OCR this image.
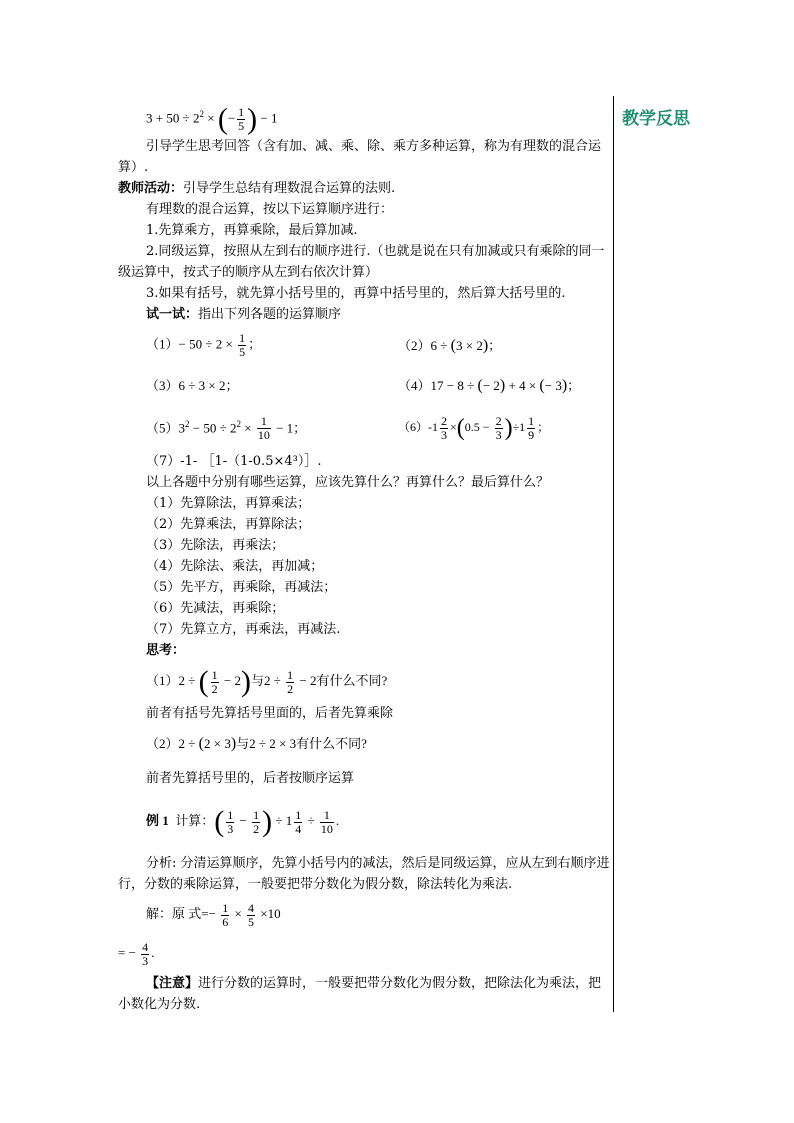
教学反思

$3 + 50 \div 2^2$ × (− $\frac{1}{5}$ ) − 1

引导学生思考回答（含有加、减、乘、除、乘方多种运算，称为有理数的混合运算）.

教师活动：引导学生总结有理数混合运算的法则.

有理数的混合运算，按以下运算顺序进行：

1.先算乘方，再算乘除，最后算加减.

2.同级运算，按照从左到右的顺序进行.（也就是说在只有加减或只有乘除的同一级运算中，按式子的顺序从左到右依次计算）

3.如果有括号，就先算小括号里的，再算中括号里的，然后算大括号里的.

试一试：指出下列各题的运算顺序

$(1)- 50 \div 2 \times \frac{1}{5}$ ；	（2）6 ÷ (3 × 2)；
（3）6 ÷ 3 × 2；	（4）17 − 8 ÷ (− 2) + 4 × (− 3)；
$(5)3^2 - 50 \div 2^2 \times \frac{1}{10} - 1$；	$(6)-1 \frac{2}{3} \times(0.5 - \frac{2}{3} )\div 1 \frac{1}{9}$ ；

（7）-1- ［1-（1-0.5×4³）］.

以上各题中分别有哪些运算，应该先算什么？再算什么？最后算什么？

（1）先算除法，再算乘法；

（2）先算乘法，再算除法；

（3）先除法，再乘法；

（4）先除法、乘法，再加减；

（5）先平方，再乘除，再减法；

（6）先减法，再乘除；

（7）先算立方，再乘法，再减法.

思考：

（1）2 ÷ ( $\frac{1}{2} - 2$)与$2 \div \frac{1}{2} - 2$有什么不同?

前者有括号先算括号里面的，后者先算乘除

（2）2 ÷ (2 × 3)与2 ÷ 2 × 3有什么不同?

前者先算括号里的，后者按顺序运算

例 1 计算：( $\frac{1}{3} - \frac{1}{2}$ ) ÷ $1 \frac{1}{4} \div \frac{1}{10}$ .

分析: 分清运算顺序，先算小括号内的减法，然后是同级运算，应从左到右顺序进行，分数的乘除运算，一般要把带分数化为假分数，除法转化为乘法.

解：原 式=− $\frac{1}{6} \times \frac{4}{5} \times 10$

= − $\frac{4}{3}$ .

【注意】进行分数的运算时，一般要把带分数化为假分数，把除法化为乘法，把小数化为分数.
